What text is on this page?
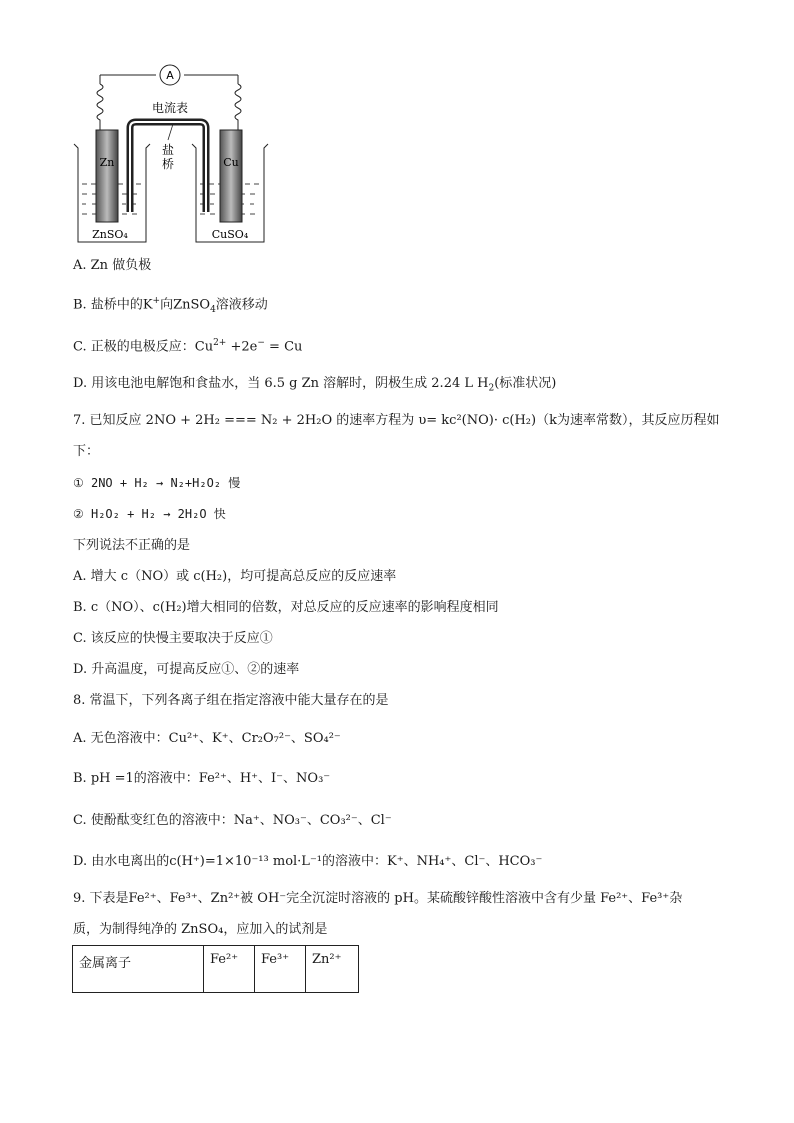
A
电流表
盐
桥
Zn	Cu
ZnSO₄	CuSO₄
A. Zn 做负极
B. 盐桥中的K+向ZnSO$_4$溶液移动
C. 正极的电极反应：$Cu^{2+} +2e^- = Cu$
D. 用该电池电解饱和食盐水，当 6.5 g Zn 溶解时，阴极生成 2.24 L $H_2$(标准状况)
7. 已知反应 2NO + 2H₂ === N₂ + 2H₂O 的速率方程为 υ= kc²(NO)· c(H₂)（k为速率常数），其反应历程如
下：
① 2NO + H₂ → N₂+H₂O₂ 慢
② H₂O₂ + H₂ → 2H₂O 快
下列说法不正确的是
A. 增大 c（NO）或 c(H₂)，均可提高总反应的反应速率
B. c（NO）、c(H₂)增大相同的倍数，对总反应的反应速率的影响程度相同
C. 该反应的快慢主要取决于反应①
D. 升高温度，可提高反应①、②的速率
8. 常温下，下列各离子组在指定溶液中能大量存在的是
A. 无色溶液中：Cu²⁺、K⁺、Cr₂O₇²⁻、SO₄²⁻
B. pH =1的溶液中：Fe²⁺、H⁺、I⁻、NO₃⁻
C. 使酚酞变红色的溶液中：Na⁺、NO₃⁻、CO₃²⁻、Cl⁻
D. 由水电离出的c(H⁺)=1×10⁻¹³ mol·L⁻¹的溶液中：K⁺、NH₄⁺、Cl⁻、HCO₃⁻
9. 下表是Fe²⁺、Fe³⁺、Zn²⁺被 OH⁻完全沉淀时溶液的 pH。某硫酸锌酸性溶液中含有少量 Fe²⁺、Fe³⁺杂
质，为制得纯净的 ZnSO₄，应加入的试剂是
金属离子	Fe²⁺	Fe³⁺	Zn²⁺
